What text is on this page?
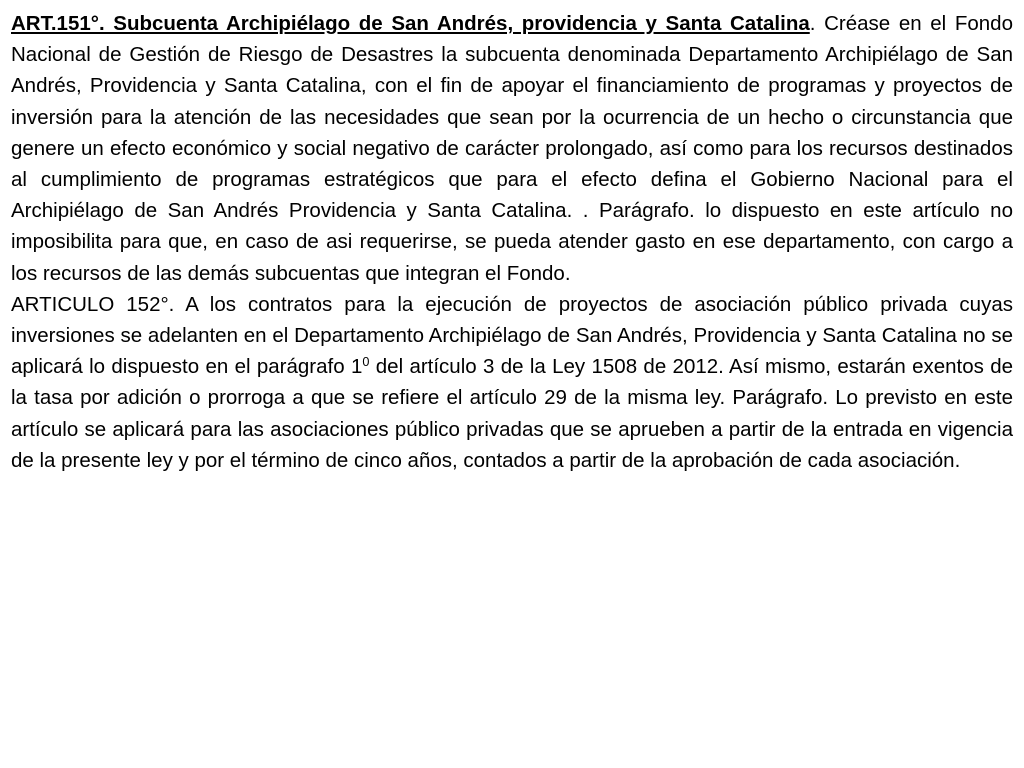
ART.151°. Subcuenta Archipiélago de San Andrés, providencia y Santa Catalina. Créase en el Fondo Nacional de Gestión de Riesgo de Desastres la subcuenta denominada Departamento Archipiélago de San Andrés, Providencia y Santa Catalina, con el fin de apoyar el financiamiento de programas y proyectos de inversión para la atención de las necesidades que sean por la ocurrencia de un hecho o circunstancia que genere un efecto económico y social negativo de carácter prolongado, así como para los recursos destinados al cumplimiento de programas estratégicos que para el efecto defina el Gobierno Nacional para el Archipiélago de San Andrés Providencia y Santa Catalina. . Parágrafo. lo dispuesto en este artículo no imposibilita para que, en caso de asi requerirse, se pueda atender gasto en ese departamento, con cargo a los recursos de las demás subcuentas que integran el Fondo.

ARTICULO 152°. A los contratos para la ejecución de proyectos de asociación público privada cuyas inversiones se adelanten en el Departamento Archipiélago de San Andrés, Providencia y Santa Catalina no se aplicará lo dispuesto en el parágrafo $1^0$ del artículo 3 de la Ley 1508 de 2012. Así mismo, estarán exentos de la tasa por adición o prorroga a que se refiere el artículo 29 de la misma ley. Parágrafo. Lo previsto en este artículo se aplicará para las asociaciones público privadas que se aprueben a partir de la entrada en vigencia de la presente ley y por el término de cinco años, contados a partir de la aprobación de cada asociación.
